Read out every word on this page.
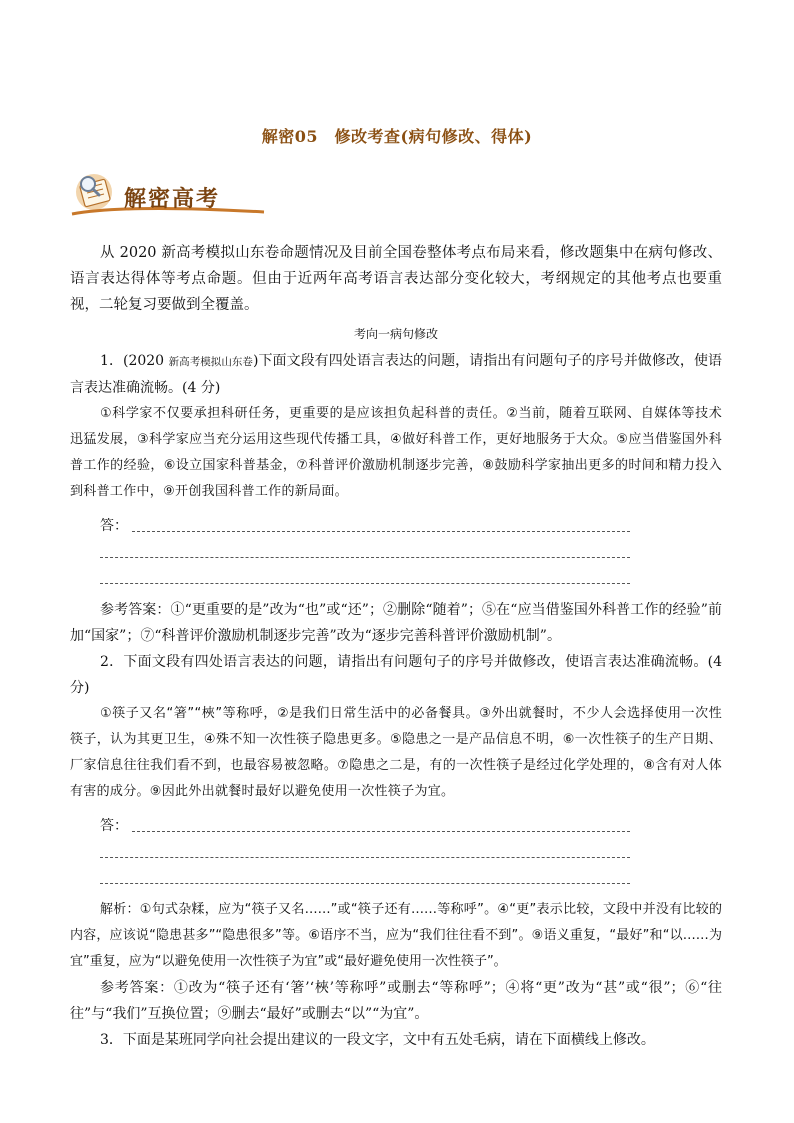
解密05　修改考查(病句修改、得体)
解密高考

从 2020 新高考模拟山东卷命题情况及目前全国卷整体考点布局来看，修改题集中在病句修改、语言表达得体等考点命题。但由于近两年高考语言表达部分变化较大，考纲规定的其他考点也要重视，二轮复习要做到全覆盖。

考向一病句修改

1．(2020 新高考模拟山东卷)下面文段有四处语言表达的问题，请指出有问题句子的序号并做修改，使语言表达准确流畅。(4 分)

①科学家不仅要承担科研任务，更重要的是应该担负起科普的责任。②当前，随着互联网、自媒体等技术迅猛发展，③科学家应当充分运用这些现代传播工具，④做好科普工作，更好地服务于大众。⑤应当借鉴国外科普工作的经验，⑥设立国家科普基金，⑦科普评价激励机制逐步完善，⑧鼓励科学家抽出更多的时间和精力投入到科普工作中，⑨开创我国科普工作的新局面。

答：

参考答案：①“更重要的是”改为“也”或“还”；②删除“随着”；⑤在“应当借鉴国外科普工作的经验”前加“国家”；⑦“科普评价激励机制逐步完善”改为“逐步完善科普评价激励机制”。

2．下面文段有四处语言表达的问题，请指出有问题句子的序号并做修改，使语言表达准确流畅。(4 分)

①筷子又名“箸”“梜”等称呼，②是我们日常生活中的必备餐具。③外出就餐时，不少人会选择使用一次性筷子，认为其更卫生，④殊不知一次性筷子隐患更多。⑤隐患之一是产品信息不明，⑥一次性筷子的生产日期、厂家信息往往我们看不到，也最容易被忽略。⑦隐患之二是，有的一次性筷子是经过化学处理的，⑧含有对人体有害的成分。⑨因此外出就餐时最好以避免使用一次性筷子为宜。

答：

解析：①句式杂糅，应为“筷子又名……”或“筷子还有……等称呼”。④“更”表示比较，文段中并没有比较的内容，应该说“隐患甚多”“隐患很多”等。⑥语序不当，应为“我们往往看不到”。⑨语义重复，“最好”和“以……为宜”重复，应为“以避免使用一次性筷子为宜”或“最好避免使用一次性筷子”。

参考答案：①改为“筷子还有‘箸’‘梜’等称呼”或删去“等称呼”；④将“更”改为“甚”或“很”；⑥“往往”与“我们”互换位置；⑨删去“最好”或删去“以”“为宜”。

3．下面是某班同学向社会提出建议的一段文字，文中有五处毛病，请在下面横线上修改。
